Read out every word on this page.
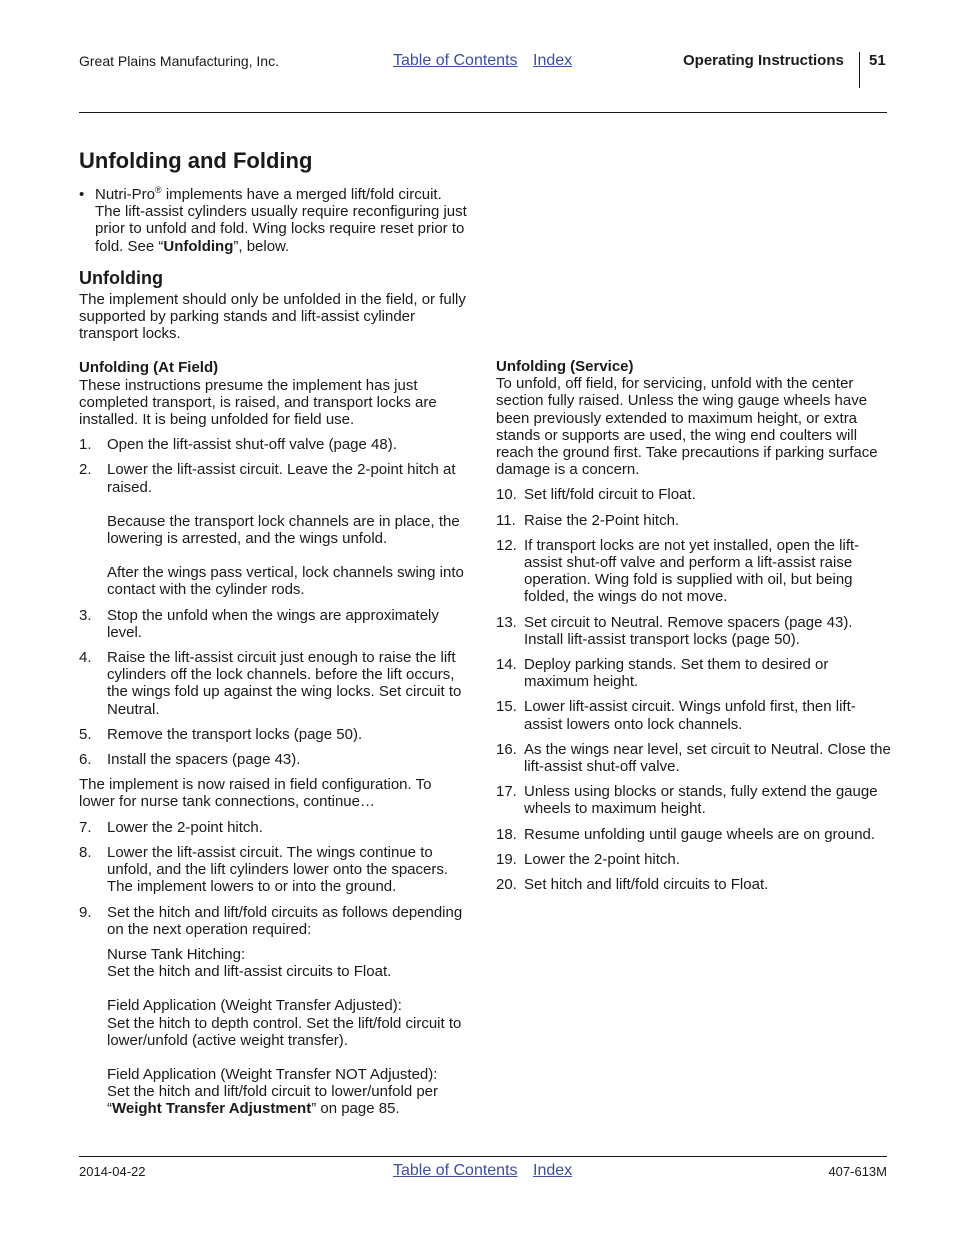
Great Plains Manufacturing, Inc.	Table of Contents Index	Operating Instructions 51
Unfolding and Folding
• Nutri-Pro® implements have a merged lift/fold circuit. The lift-assist cylinders usually require reconfiguring just prior to unfold and fold. Wing locks require reset prior to fold. See “Unfolding”, below.
Unfolding

The implement should only be unfolded in the field, or fully supported by parking stands and lift-assist cylinder transport locks.

Unfolding (At Field)

These instructions presume the implement has just completed transport, is raised, and transport locks are installed. It is being unfolded for field use.

1. Open the lift-assist shut-off valve (page 48).
2. Lower the lift-assist circuit. Leave the 2-point hitch at raised.

Because the transport lock channels are in place, the lowering is arrested, and the wings unfold.

After the wings pass vertical, lock channels swing into contact with the cylinder rods.

3. Stop the unfold when the wings are approximately level.
4. Raise the lift-assist circuit just enough to raise the lift cylinders off the lock channels. before the lift occurs, the wings fold up against the wing locks. Set circuit to Neutral.
5. Remove the transport locks (page 50).
6. Install the spacers (page 43).

The implement is now raised in field configuration. To lower for nurse tank connections, continue…

7. Lower the 2-point hitch.
8. Lower the lift-assist circuit. The wings continue to unfold, and the lift cylinders lower onto the spacers. The implement lowers to or into the ground.
9. Set the hitch and lift/fold circuits as follows depending on the next operation required:

Nurse Tank Hitching:

Set the hitch and lift-assist circuits to Float.

Field Application (Weight Transfer Adjusted):

Set the hitch to depth control. Set the lift/fold circuit to lower/unfold (active weight transfer).

Field Application (Weight Transfer NOT Adjusted):

Set the hitch and lift/fold circuit to lower/unfold per “Weight Transfer Adjustment” on page 85.

Unfolding (Service)

To unfold, off field, for servicing, unfold with the center section fully raised. Unless the wing gauge wheels have been previously extended to maximum height, or extra stands or supports are used, the wing end coulters will reach the ground first. Take precautions if parking surface damage is a concern.

10. Set lift/fold circuit to Float.
11. Raise the 2-Point hitch.
12. If transport locks are not yet installed, open the lift-assist shut-off valve and perform a lift-assist raise operation. Wing fold is supplied with oil, but being folded, the wings do not move.
13. Set circuit to Neutral. Remove spacers (page 43). Install lift-assist transport locks (page 50).
14. Deploy parking stands. Set them to desired or maximum height.
15. Lower lift-assist circuit. Wings unfold first, then lift-assist lowers onto lock channels.
16. As the wings near level, set circuit to Neutral. Close the lift-assist shut-off valve.
17. Unless using blocks or stands, fully extend the gauge wheels to maximum height.
18. Resume unfolding until gauge wheels are on ground.
19. Lower the 2-point hitch.
20. Set hitch and lift/fold circuits to Float.
2014-04-22	Table of Contents Index	407-613M
